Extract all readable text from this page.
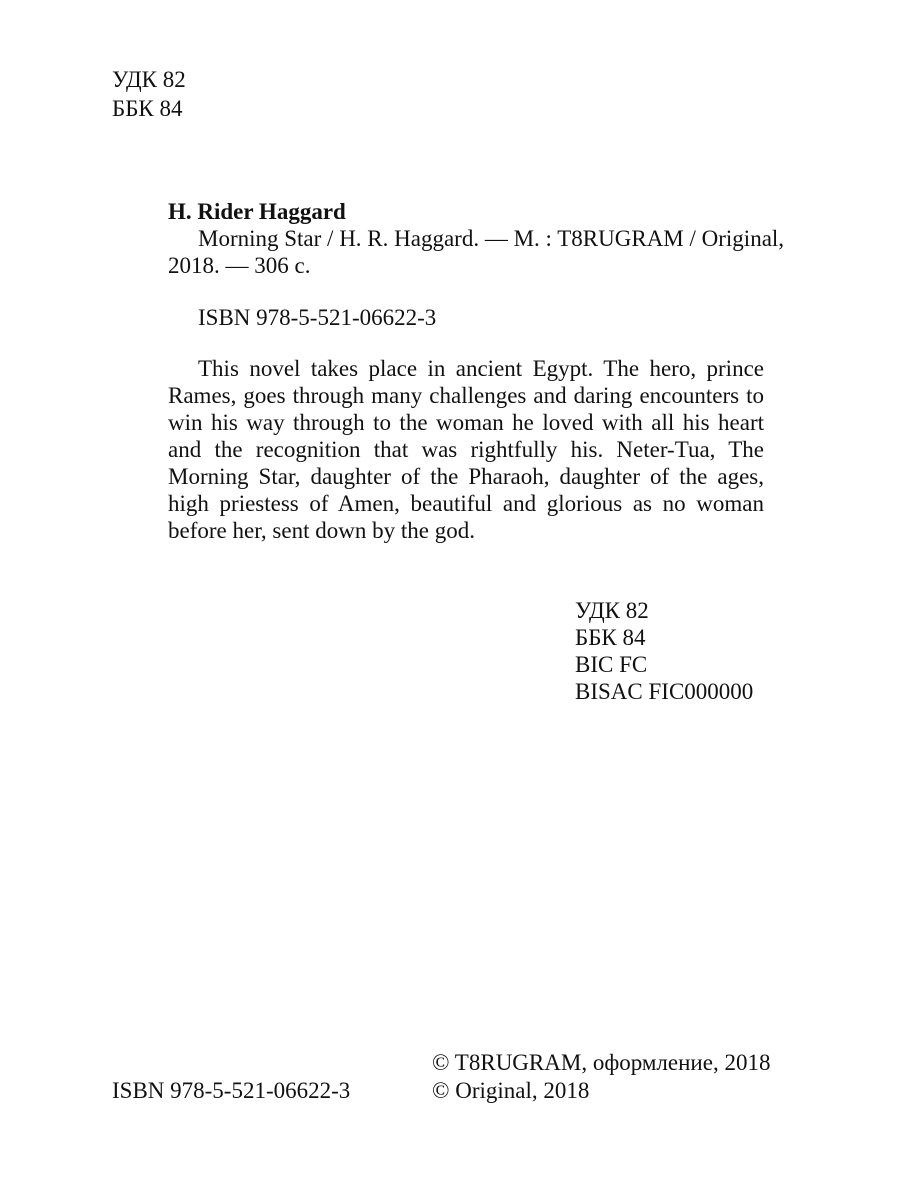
УДК 82

ББК 84

H. Rider Haggard

Morning Star / H. R. Haggard. — M. : T8RUGRAM / Original,

2018. — 306 с.

ISBN 978-5-521-06622-3

This novel takes place in ancient Egypt. The hero, prince Rames, goes through many challenges and daring encounters to win his way through to the woman he loved with all his heart and the recognition that was rightfully his. Neter-Tua, The Morning Star, daughter of the Pharaoh, daughter of the ages, high priestess of Amen, beautiful and glorious as no woman before her, sent down by the god.

УДК 82

ББК 84

BIC FC

BISAC FIC000000

ISBN 978-5-521-06622-3

© T8RUGRAM, оформление, 2018

© Original, 2018
